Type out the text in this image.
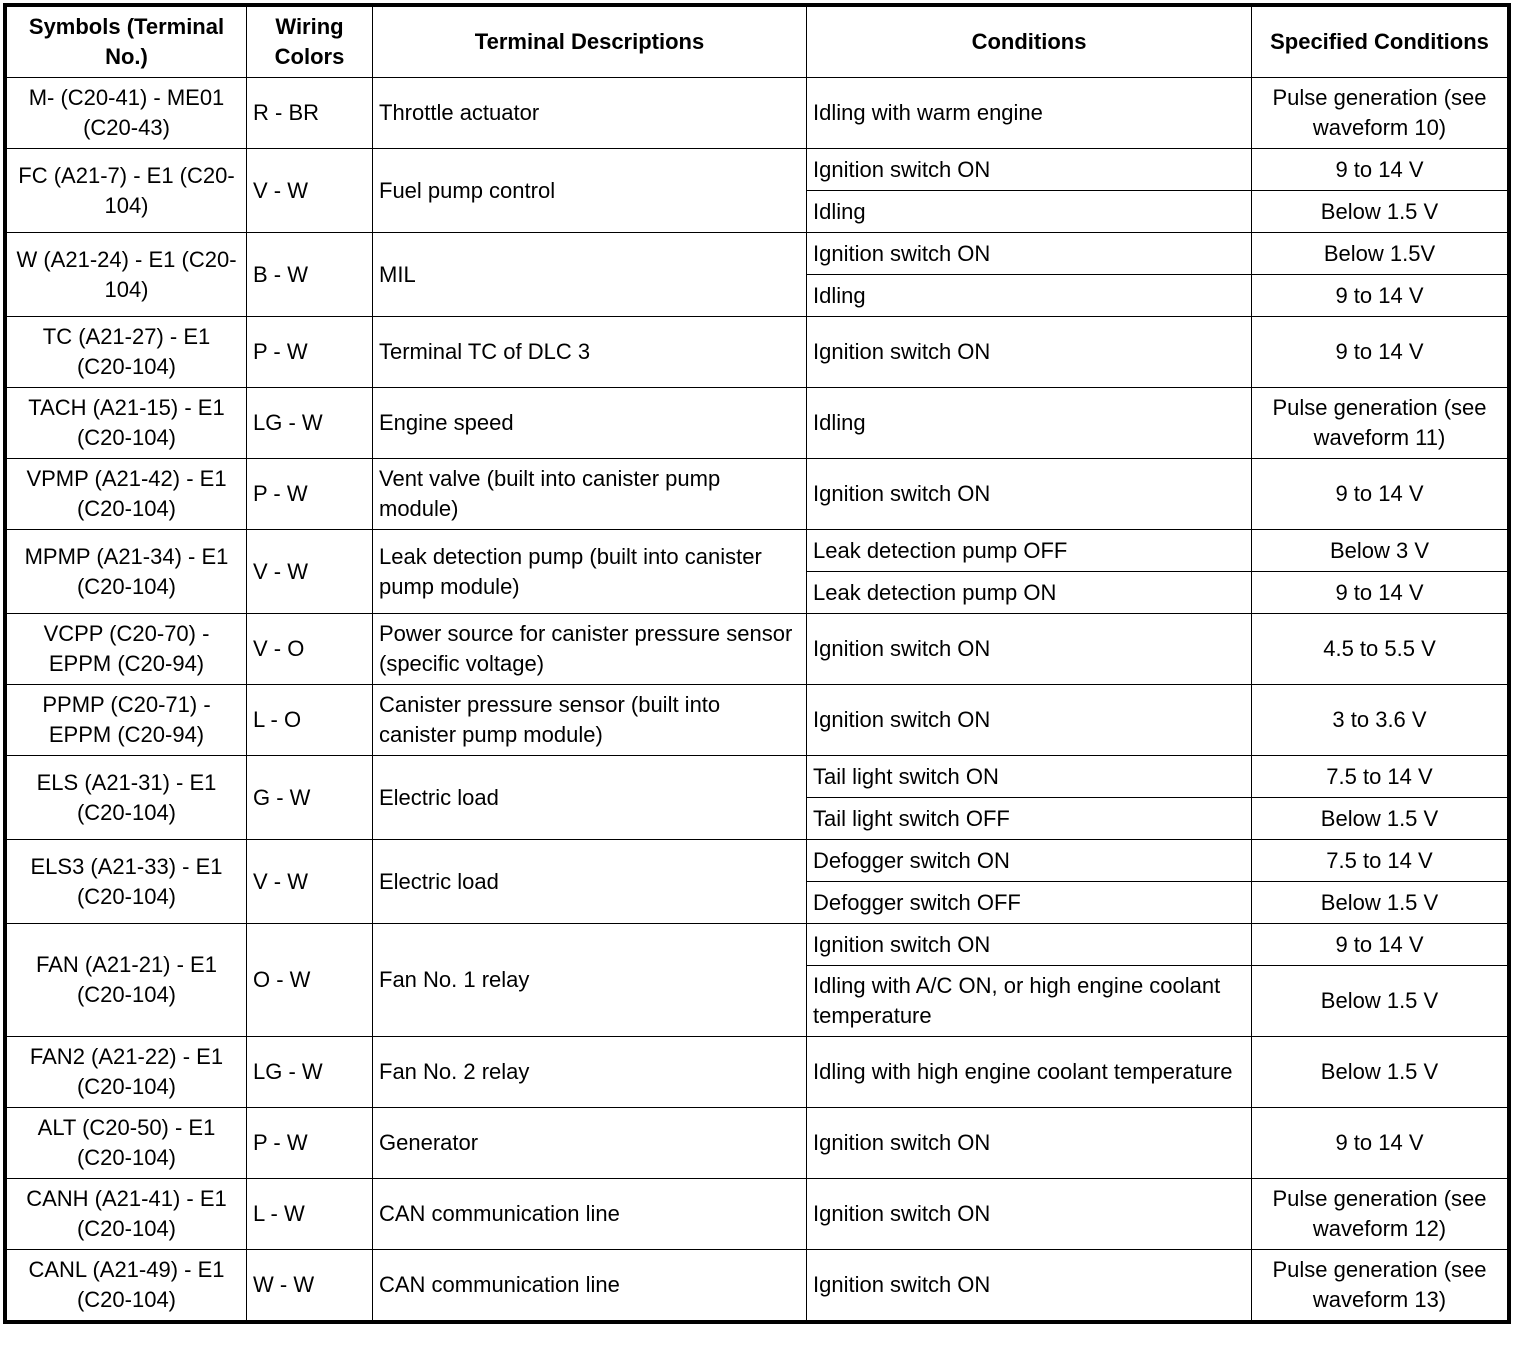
Symbols (Terminal No.)	Wiring Colors	Terminal Descriptions	Conditions	Specified Conditions
M- (C20-41) - ME01 (C20-43)	R - BR	Throttle actuator	Idling with warm engine	Pulse generation (see waveform 10)
FC (A21-7) - E1 (C20-104)	V - W	Fuel pump control	Ignition switch ON	9 to 14 V
			Idling	Below 1.5 V
W (A21-24) - E1 (C20-104)	B - W	MIL	Ignition switch ON	Below 1.5V
			Idling	9 to 14 V
TC (A21-27) - E1 (C20-104)	P - W	Terminal TC of DLC 3	Ignition switch ON	9 to 14 V
TACH (A21-15) - E1 (C20-104)	LG - W	Engine speed	Idling	Pulse generation (see waveform 11)
VPMP (A21-42) - E1 (C20-104)	P - W	Vent valve (built into canister pump module)	Ignition switch ON	9 to 14 V
MPMP (A21-34) - E1 (C20-104)	V - W	Leak detection pump (built into canister pump module)	Leak detection pump OFF	Below 3 V
			Leak detection pump ON	9 to 14 V
VCPP (C20-70) - EPPM (C20-94)	V - O	Power source for canister pressure sensor (specific voltage)	Ignition switch ON	4.5 to 5.5 V
PPMP (C20-71) - EPPM (C20-94)	L - O	Canister pressure sensor (built into canister pump module)	Ignition switch ON	3 to 3.6 V
ELS (A21-31) - E1 (C20-104)	G - W	Electric load	Tail light switch ON	7.5 to 14 V
			Tail light switch OFF	Below 1.5 V
ELS3 (A21-33) - E1 (C20-104)	V - W	Electric load	Defogger switch ON	7.5 to 14 V
			Defogger switch OFF	Below 1.5 V
FAN (A21-21) - E1 (C20-104)	O - W	Fan No. 1 relay	Ignition switch ON	9 to 14 V
			Idling with A/C ON, or high engine coolant temperature	Below 1.5 V
FAN2 (A21-22) - E1 (C20-104)	LG - W	Fan No. 2 relay	Idling with high engine coolant temperature	Below 1.5 V
ALT (C20-50) - E1 (C20-104)	P - W	Generator	Ignition switch ON	9 to 14 V
CANH (A21-41) - E1 (C20-104)	L - W	CAN communication line	Ignition switch ON	Pulse generation (see waveform 12)
CANL (A21-49) - E1 (C20-104)	W - W	CAN communication line	Ignition switch ON	Pulse generation (see waveform 13)
